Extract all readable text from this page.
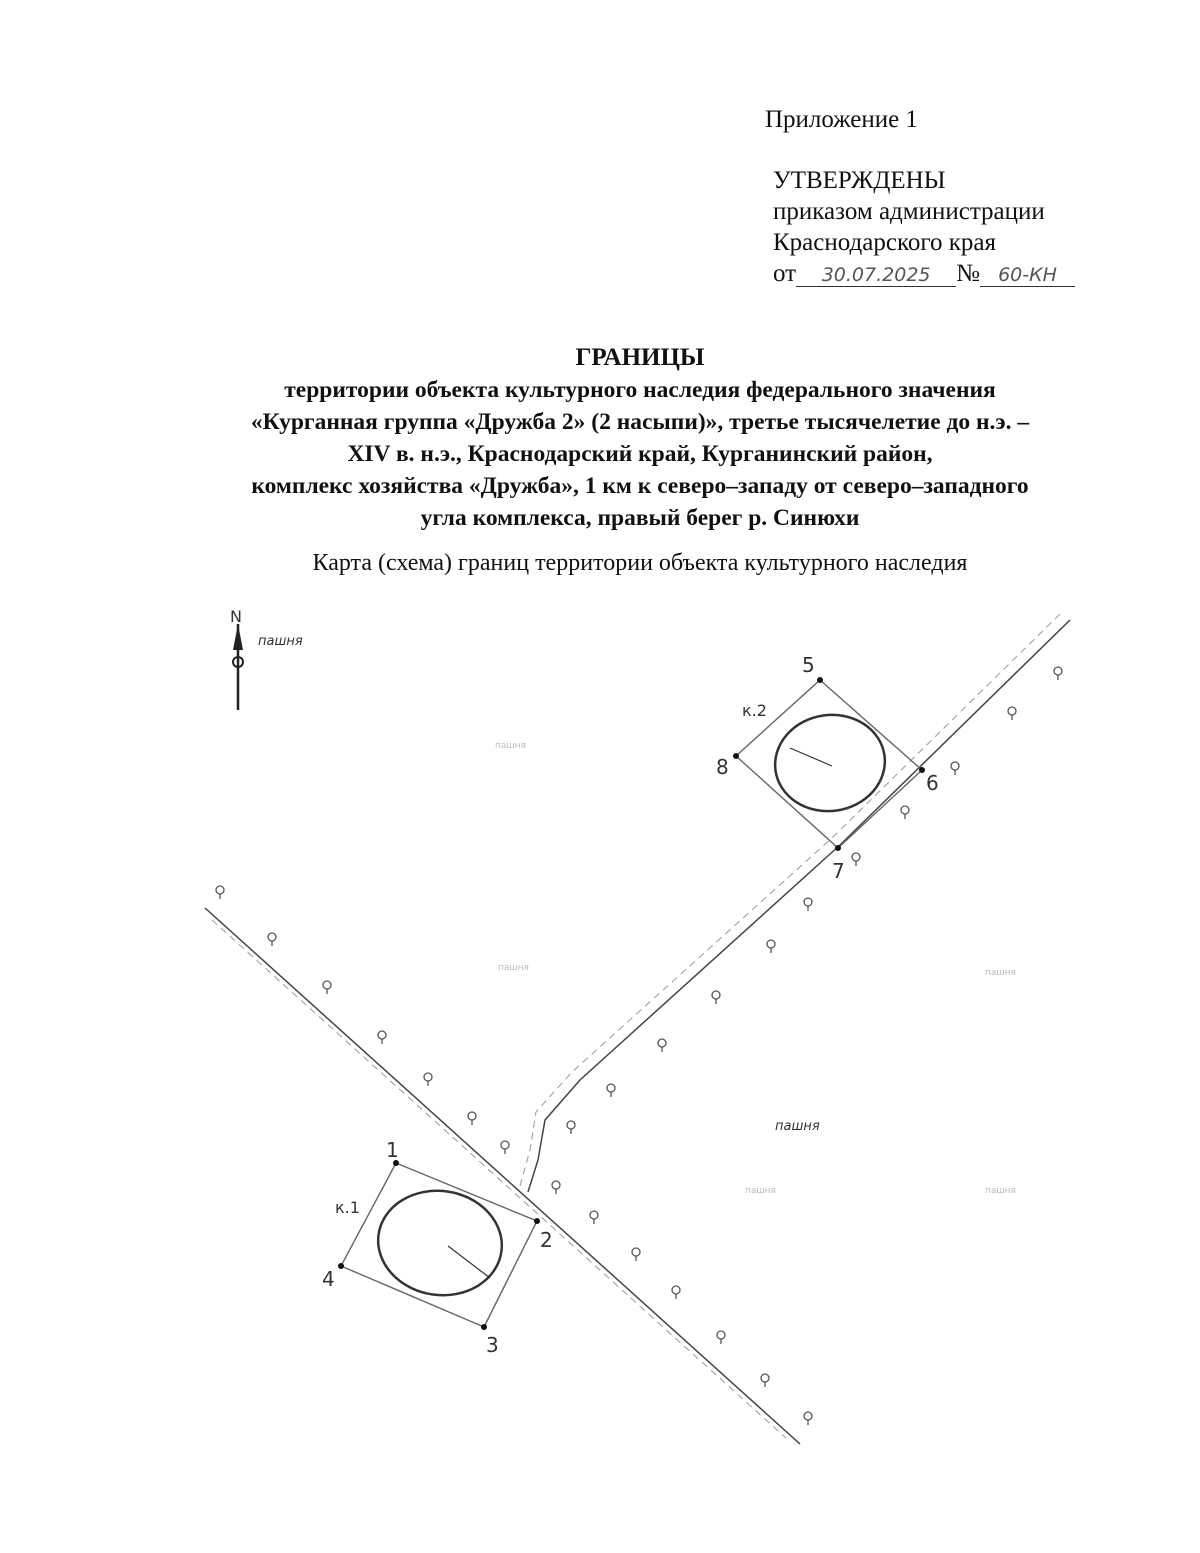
Приложение 1
УТВЕРЖДЕНЫ
приказом администрации
Краснодарского края
от 30.07.2025 № 60-КН
ГРАНИЦЫ
территории объекта культурного наследия федерального значения
«Курганная группа «Дружба 2» (2 насыпи)», третье тысячелетие до н.э. –
XIV в. н.э., Краснодарский край, Курганинский район,
комплекс хозяйства «Дружба», 1 км к северо–западу от северо–западного
угла комплекса, правый берег р. Синюхи
Карта (схема) границ территории объекта культурного наследия
N
пашня
пашня
пашня
пашня	пашня
пашня	пашня
к.1
1
2
3
4
к.2
5
6
7
8
